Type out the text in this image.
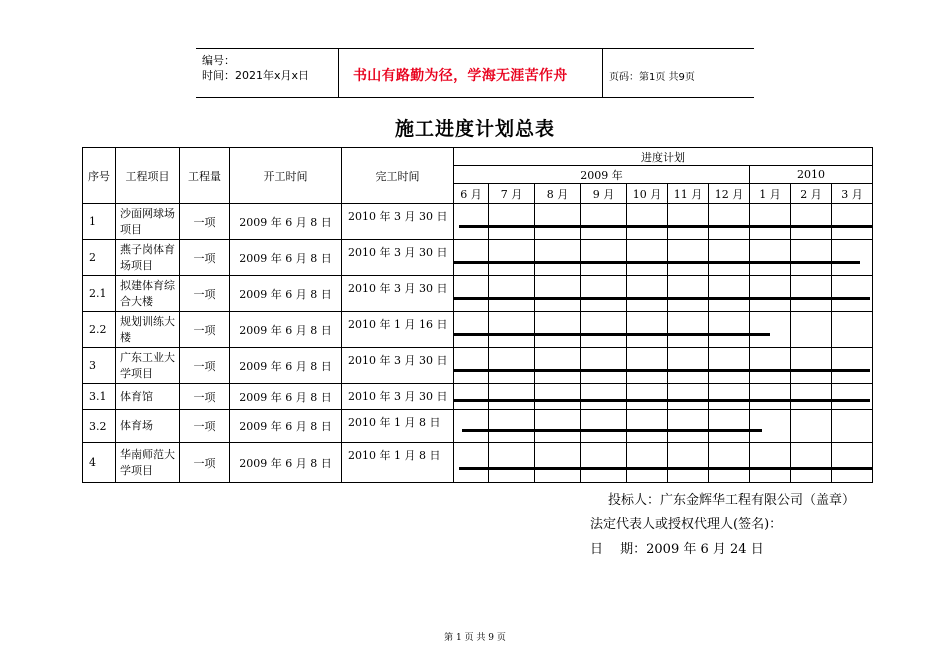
编号：
时间：2021年x月x日	书山有路勤为径，学海无涯苦作舟	页码：第1页 共9页
施工进度计划总表
序号	工程项目	工程量	开工时间	完工时间	进度计划									
					2009 年							2010		
					6 月	7 月	8 月	9 月	10 月	11 月	12 月	1 月	2 月	3 月
1	沙面网球场项目	一项	2009 年 6 月 8 日	2010 年 3 月 30 日										
2	燕子岗体育场项目	一项	2009 年 6 月 8 日	2010 年 3 月 30 日										
2.1	拟建体育综合大楼	一项	2009 年 6 月 8 日	2010 年 3 月 30 日										
2.2	规划训练大楼	一项	2009 年 6 月 8 日	2010 年 1 月 16 日										
3	广东工业大学项目	一项	2009 年 6 月 8 日	2010 年 3 月 30 日										
3.1	体育馆	一项	2009 年 6 月 8 日	2010 年 3 月 30 日										
3.2	体育场	一项	2009 年 6 月 8 日	2010 年 1 月 8 日										
4	华南师范大学项目	一项	2009 年 6 月 8 日	2010 年 1 月 8 日										
投标人：广东金辉华工程有限公司（盖章）
法定代表人或授权代理人(签名)：
日　 期：2009 年 6 月 24 日
第 1 页 共 9 页
